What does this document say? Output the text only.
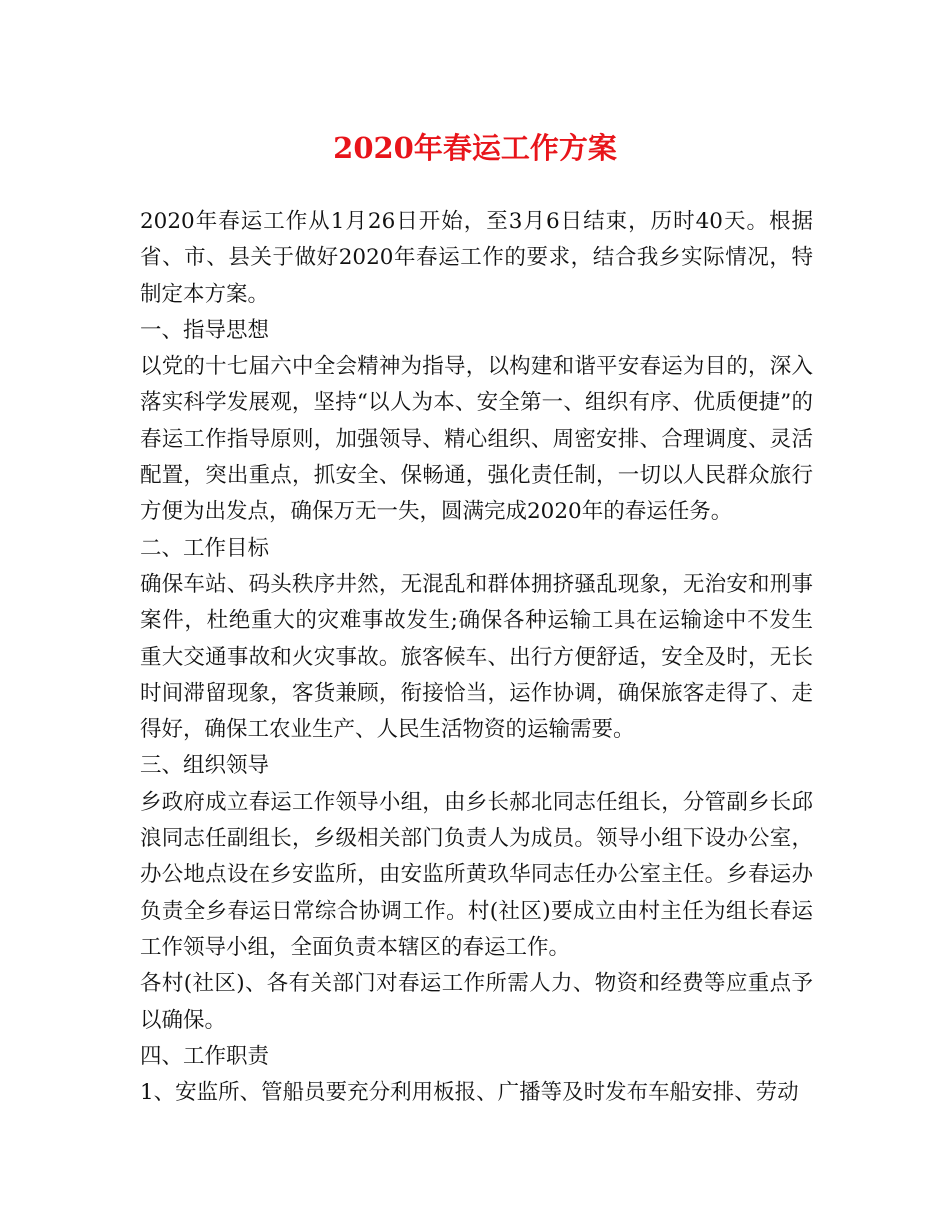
2020年春运工作方案

2020年春运工作从1月26日开始，至3月6日结束，历时40天。根据省、市、县关于做好2020年春运工作的要求，结合我乡实际情况，特制定本方案。

一、指导思想

以党的十七届六中全会精神为指导，以构建和谐平安春运为目的，深入落实科学发展观，坚持“以人为本、安全第一、组织有序、优质便捷”的春运工作指导原则，加强领导、精心组织、周密安排、合理调度、灵活配置，突出重点，抓安全、保畅通，强化责任制，一切以人民群众旅行方便为出发点，确保万无一失，圆满完成2020年的春运任务。

二、工作目标

确保车站、码头秩序井然，无混乱和群体拥挤骚乱现象，无治安和刑事案件，杜绝重大的灾难事故发生;确保各种运输工具在运输途中不发生重大交通事故和火灾事故。旅客候车、出行方便舒适，安全及时，无长时间滞留现象，客货兼顾，衔接恰当，运作协调，确保旅客走得了、走得好，确保工农业生产、人民生活物资的运输需要。

三、组织领导

乡政府成立春运工作领导小组，由乡长郝北同志任组长，分管副乡长邱浪同志任副组长，乡级相关部门负责人为成员。领导小组下设办公室，办公地点设在乡安监所，由安监所黄玖华同志任办公室主任。乡春运办负责全乡春运日常综合协调工作。村(社区)要成立由村主任为组长春运工作领导小组，全面负责本辖区的春运工作。

各村(社区)、各有关部门对春运工作所需人力、物资和经费等应重点予以确保。

四、工作职责

1、安监所、管船员要充分利用板报、广播等及时发布车船安排、劳动
